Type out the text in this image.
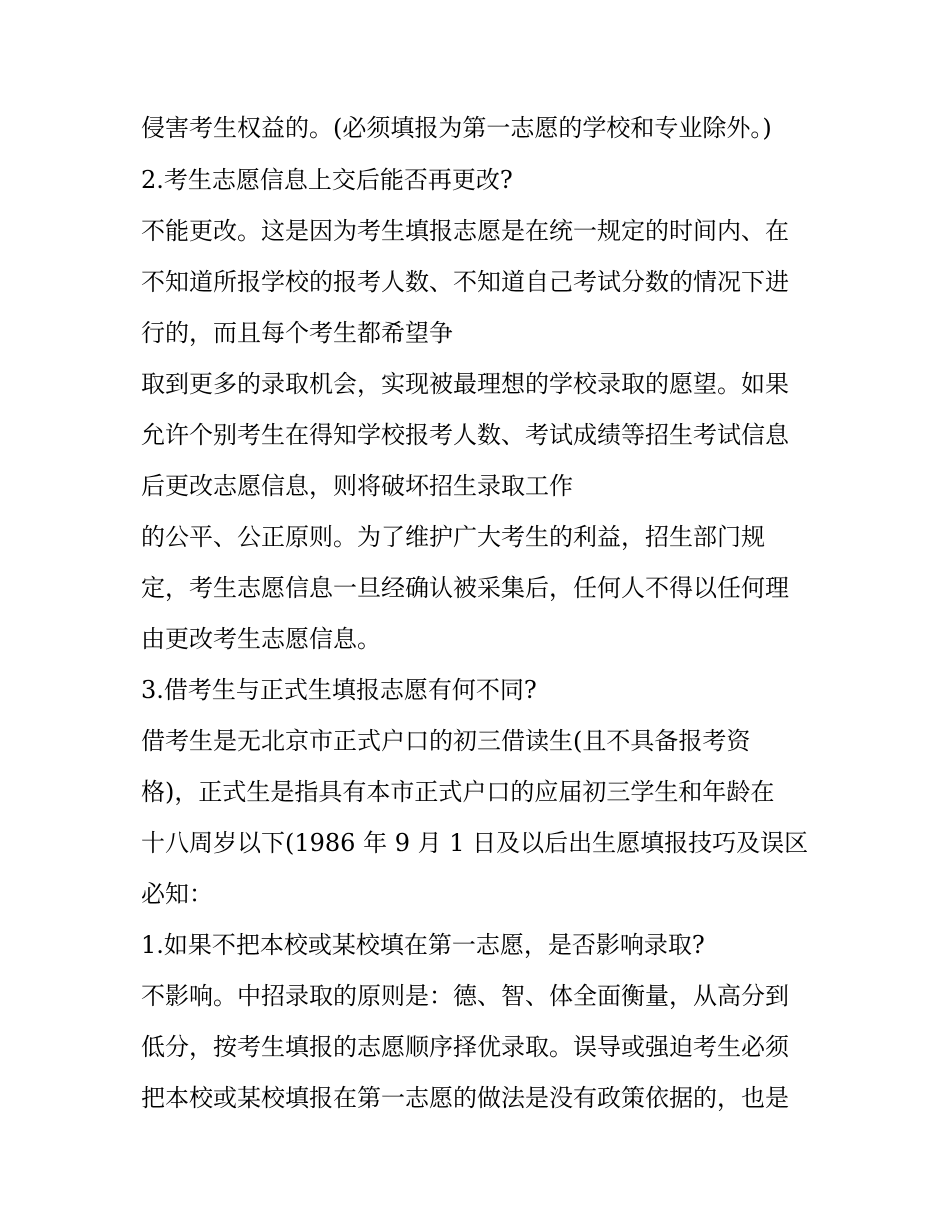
侵害考生权益的。(必须填报为第一志愿的学校和专业除外。)
2.考生志愿信息上交后能否再更改?
不能更改。这是因为考生填报志愿是在统一规定的时间内、在
不知道所报学校的报考人数、不知道自己考试分数的情况下进
行的，而且每个考生都希望争
取到更多的录取机会，实现被最理想的学校录取的愿望。如果
允许个别考生在得知学校报考人数、考试成绩等招生考试信息
后更改志愿信息，则将破坏招生录取工作
的公平、公正原则。为了维护广大考生的利益，招生部门规
定，考生志愿信息一旦经确认被采集后，任何人不得以任何理
由更改考生志愿信息。
3.借考生与正式生填报志愿有何不同?
借考生是无北京市正式户口的初三借读生(且不具备报考资
格)，正式生是指具有本市正式户口的应届初三学生和年龄在
十八周岁以下(1986 年 9 月 1 日及以后出生愿填报技巧及误区
必知：
1.如果不把本校或某校填在第一志愿，是否影响录取?
不影响。中招录取的原则是：德、智、体全面衡量，从高分到
低分，按考生填报的志愿顺序择优录取。误导或强迫考生必须
把本校或某校填报在第一志愿的做法是没有政策依据的，也是
